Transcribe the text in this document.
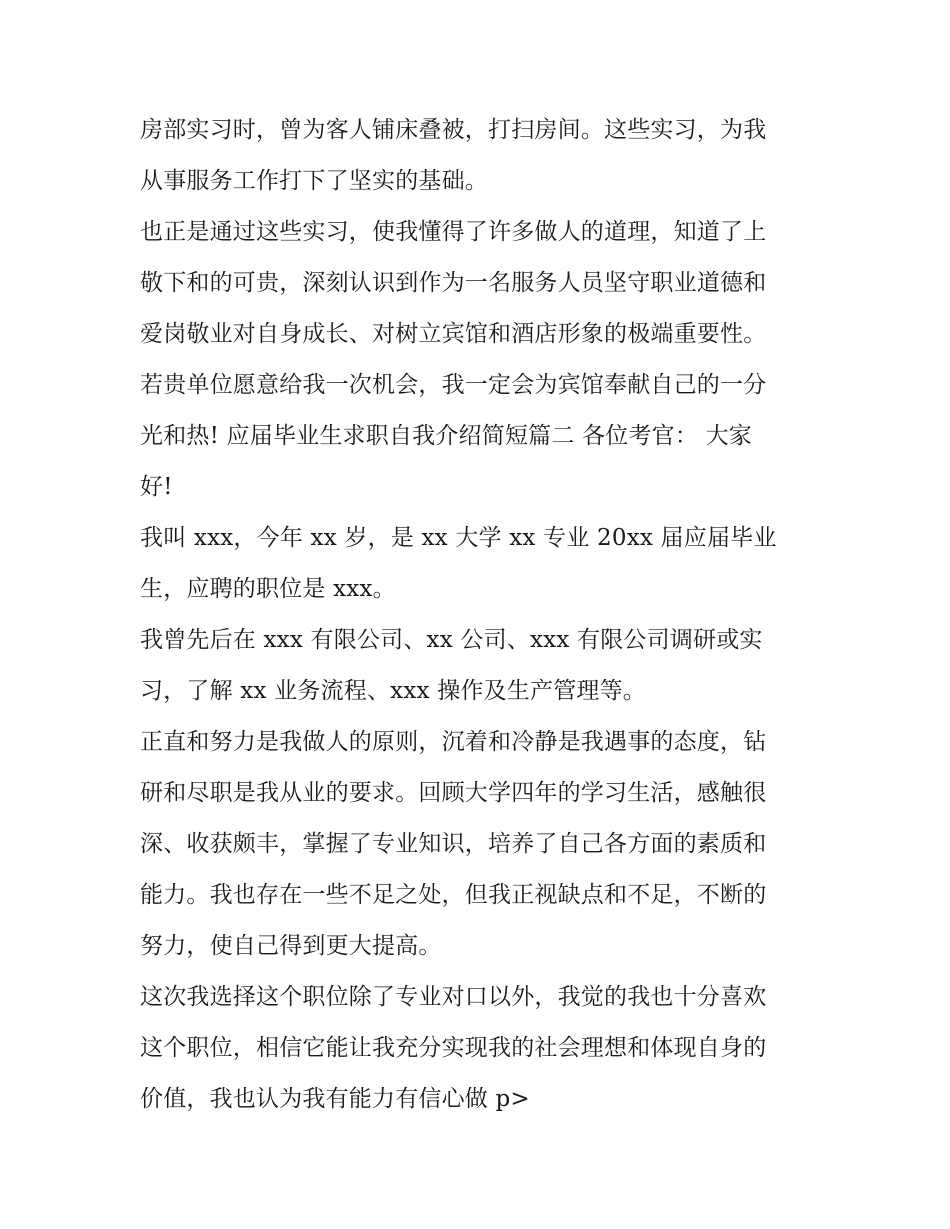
房部实习时，曾为客人铺床叠被，打扫房间。这些实习，为我
从事服务工作打下了坚实的基础。
也正是通过这些实习，使我懂得了许多做人的道理，知道了上
敬下和的可贵，深刻认识到作为一名服务人员坚守职业道德和
爱岗敬业对自身成长、对树立宾馆和酒店形象的极端重要性。
若贵单位愿意给我一次机会，我一定会为宾馆奉献自己的一分
光和热! 应届毕业生求职自我介绍简短篇二 各位考官： 大家
好!
我叫 xxx，今年 xx 岁，是 xx 大学 xx 专业 20xx 届应届毕业
生，应聘的职位是 xxx。
我曾先后在 xxx 有限公司、xx 公司、xxx 有限公司调研或实
习，了解 xx 业务流程、xxx 操作及生产管理等。
正直和努力是我做人的原则，沉着和冷静是我遇事的态度，钻
研和尽职是我从业的要求。回顾大学四年的学习生活，感触很
深、收获颇丰，掌握了专业知识，培养了自己各方面的素质和
能力。我也存在一些不足之处，但我正视缺点和不足，不断的
努力，使自己得到更大提高。
这次我选择这个职位除了专业对口以外，我觉的我也十分喜欢
这个职位，相信它能让我充分实现我的社会理想和体现自身的
价值，我也认为我有能力有信心做 p>
